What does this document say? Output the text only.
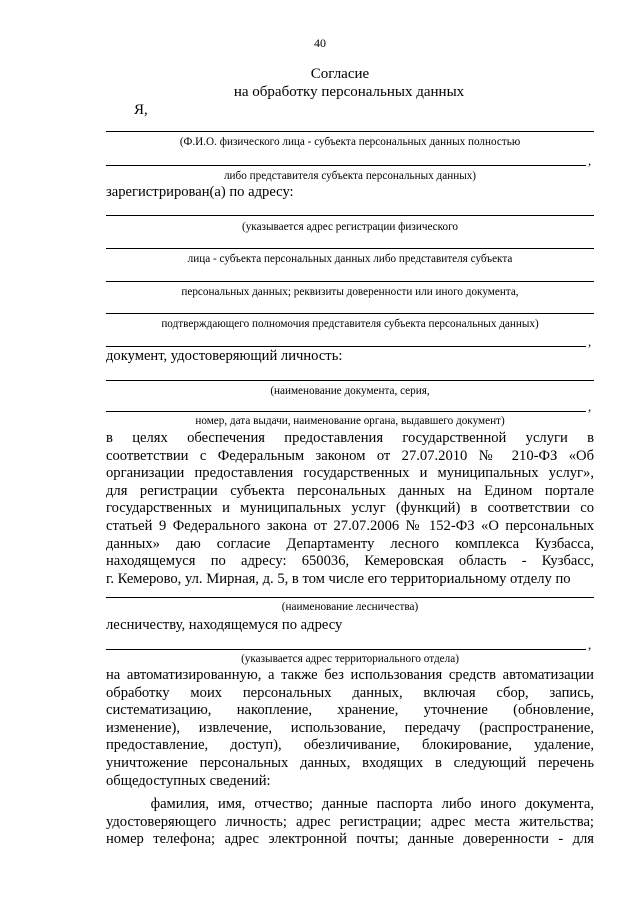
40
Согласие
на обработку персональных данных
Я,
(Ф.И.О. физического лица - субъекта персональных данных полностью
,
либо представителя субъекта персональных данных)
зарегистрирован(а) по адресу:
(указывается адрес регистрации физического
лица - субъекта персональных данных либо представителя субъекта
персональных данных; реквизиты доверенности или иного документа,
подтверждающего полномочия представителя субъекта персональных данных)
,
документ, удостоверяющий личность:
(наименование документа, серия,
,
номер, дата выдачи, наименование органа, выдавшего документ)
в целях обеспечения предоставления государственной услуги в
соответствии с Федеральным законом от 27.07.2010 № 210-ФЗ «Об
организации предоставления государственных и муниципальных услуг»,
для регистрации субъекта персональных данных на Едином портале
государственных и муниципальных услуг (функций) в соответствии со
статьей 9 Федерального закона от 27.07.2006 № 152-ФЗ «О персональных
данных» даю согласие Департаменту лесного комплекса Кузбасса,
находящемуся по адресу: 650036, Кемеровская область - Кузбасс,
г. Кемерово, ул. Мирная, д. 5, в том числе его территориальному отделу по
(наименование лесничества)
лесничеству, находящемуся по адресу
,
(указывается адрес территориального отдела)
на автоматизированную, а также без использования средств автоматизации
обработку моих персональных данных, включая сбор, запись,
систематизацию, накопление, хранение, уточнение (обновление,
изменение), извлечение, использование, передачу (распространение,
предоставление, доступ), обезличивание, блокирование, удаление,
уничтожение персональных данных, входящих в следующий перечень
общедоступных сведений:
фамилия, имя, отчество; данные паспорта либо иного документа,
удостоверяющего личность; адрес регистрации; адрес места жительства;
номер телефона; адрес электронной почты; данные доверенности - для
